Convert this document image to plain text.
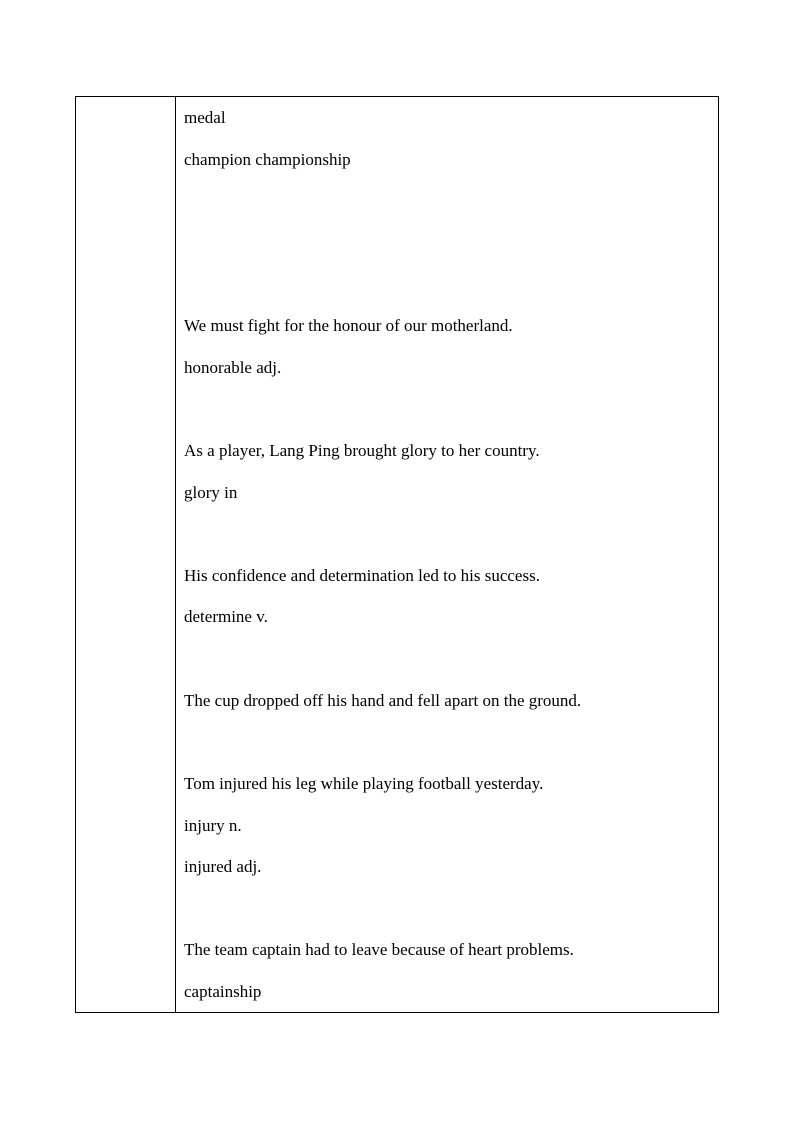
medal
champion championship
We must fight for the honour of our motherland.
honorable adj.
As a player, Lang Ping brought glory to her country.
glory in
His confidence and determination led to his success.
determine v.
The cup dropped off his hand and fell apart on the ground.
Tom injured his leg while playing football yesterday.
injury n.
injured adj.
The team captain had to leave because of heart problems.
captainship
